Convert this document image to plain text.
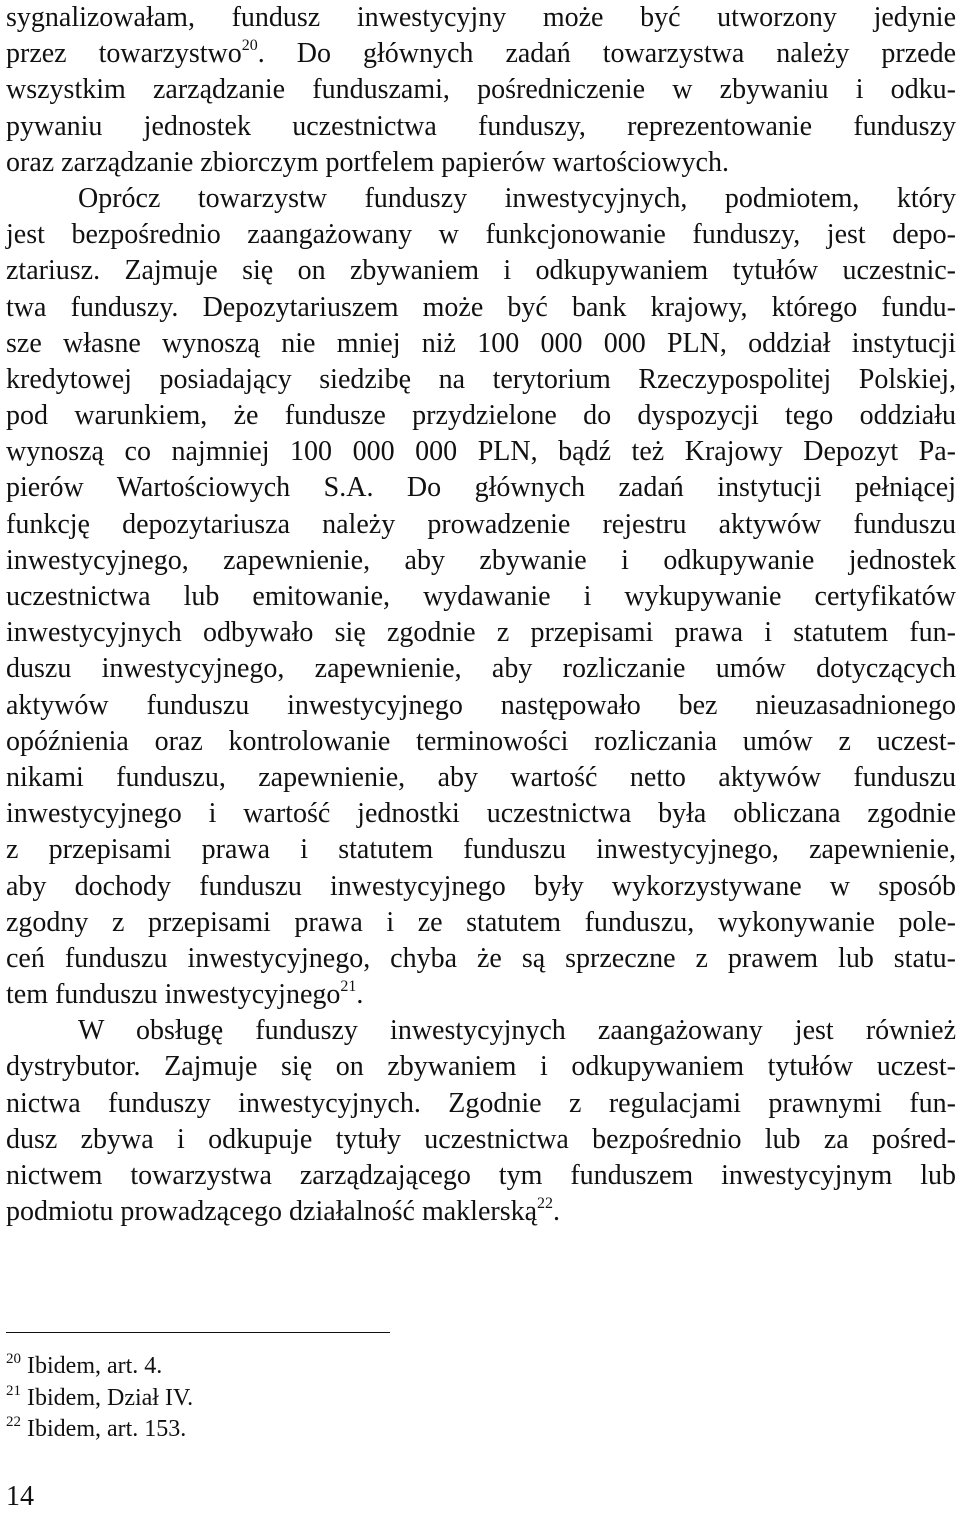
sygnalizowałam, fundusz inwestycyjny może być utworzony jedynie
przez towarzystwo$^{20}$. Do głównych zadań towarzystwa należy przede
wszystkim zarządzanie funduszami, pośredniczenie w zbywaniu i odku-
pywaniu jednostek uczestnictwa funduszy, reprezentowanie funduszy
oraz zarządzanie zbiorczym portfelem papierów wartościowych.
Oprócz towarzystw funduszy inwestycyjnych, podmiotem, który
jest bezpośrednio zaangażowany w funkcjonowanie funduszy, jest depo-
ztariusz. Zajmuje się on zbywaniem i odkupywaniem tytułów uczestnic-
twa funduszy. Depozytariuszem może być bank krajowy, którego fundu-
sze własne wynoszą nie mniej niż 100 000 000 PLN, oddział instytucji
kredytowej posiadający siedzibę na terytorium Rzeczypospolitej Polskiej,
pod warunkiem, że fundusze przydzielone do dyspozycji tego oddziału
wynoszą co najmniej 100 000 000 PLN, bądź też Krajowy Depozyt Pa-
pierów Wartościowych S.A. Do głównych zadań instytucji pełniącej
funkcję depozytariusza należy prowadzenie rejestru aktywów funduszu
inwestycyjnego, zapewnienie, aby zbywanie i odkupywanie jednostek
uczestnictwa lub emitowanie, wydawanie i wykupywanie certyfikatów
inwestycyjnych odbywało się zgodnie z przepisami prawa i statutem fun-
duszu inwestycyjnego, zapewnienie, aby rozliczanie umów dotyczących
aktywów funduszu inwestycyjnego następowało bez nieuzasadnionego
opóźnienia oraz kontrolowanie terminowości rozliczania umów z uczest-
nikami funduszu, zapewnienie, aby wartość netto aktywów funduszu
inwestycyjnego i wartość jednostki uczestnictwa była obliczana zgodnie
z przepisami prawa i statutem funduszu inwestycyjnego, zapewnienie,
aby dochody funduszu inwestycyjnego były wykorzystywane w sposób
zgodny z przepisami prawa i ze statutem funduszu, wykonywanie pole-
ceń funduszu inwestycyjnego, chyba że są sprzeczne z prawem lub statu-
tem funduszu inwestycyjnego$^{21}$.
W obsługę funduszy inwestycyjnych zaangażowany jest również
dystrybutor. Zajmuje się on zbywaniem i odkupywaniem tytułów uczest-
nictwa funduszy inwestycyjnych. Zgodnie z regulacjami prawnymi fun-
dusz zbywa i odkupuje tytuły uczestnictwa bezpośrednio lub za pośred-
nictwem towarzystwa zarządzającego tym funduszem inwestycyjnym lub
podmiotu prowadzącego działalność maklerską$^{22}$.
$^{20}$ Ibidem, art. 4.
$^{21}$ Ibidem, Dział IV.
$^{22}$ Ibidem, art. 153.
14
